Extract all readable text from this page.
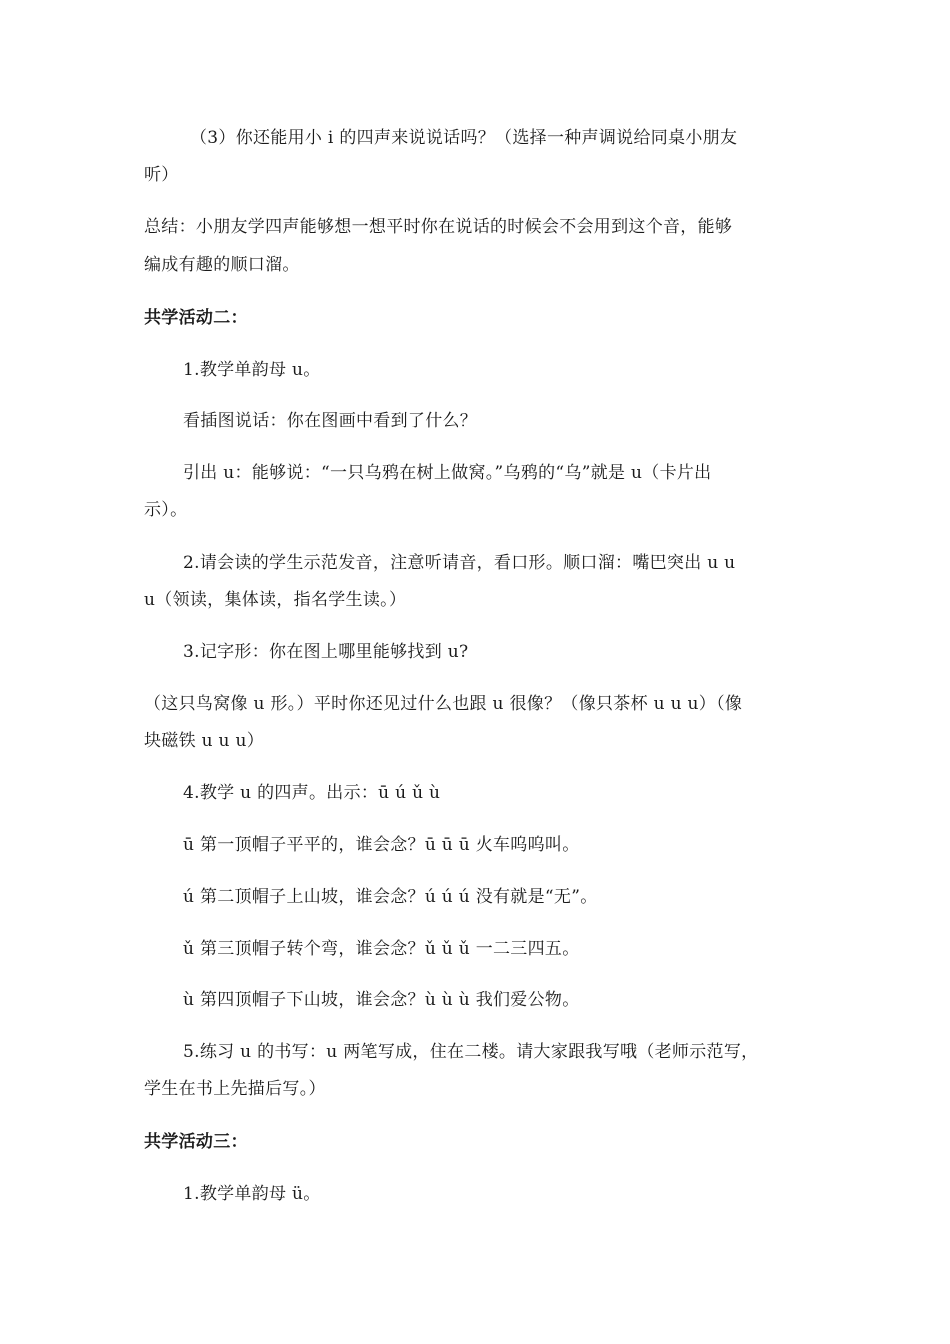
（3）你还能用小 i 的四声来说说话吗？（选择一种声调说给同桌小朋友
听）
总结：小朋友学四声能够想一想平时你在说话的时候会不会用到这个音，能够
编成有趣的顺口溜。
共学活动二：
1.教学单韵母 u。
看插图说话：你在图画中看到了什么？
引出 u：能够说：“一只乌鸦在树上做窝。”乌鸦的“乌”就是 u（卡片出
示）。
2.请会读的学生示范发音，注意听请音，看口形。顺口溜：嘴巴突出 u u
u（领读，集体读，指名学生读。）
3.记字形：你在图上哪里能够找到 u?
（这只鸟窝像 u 形。）平时你还见过什么也跟 u 很像？（像只茶杯 u u u）（像
块磁铁 u u u）
4.教学 u 的四声。出示：ū ú ǔ ù
ū 第一顶帽子平平的，谁会念？ū ū ū 火车呜呜叫。
ú 第二顶帽子上山坡，谁会念？ú ú ú 没有就是“无”。
ǔ 第三顶帽子转个弯，谁会念？ǔ ǔ ǔ 一二三四五。
ù 第四顶帽子下山坡，谁会念？ù ù ù 我们爱公物。
5.练习 u 的书写：u 两笔写成，住在二楼。请大家跟我写哦（老师示范写，
学生在书上先描后写。）
共学活动三：
1.教学单韵母 ü。
